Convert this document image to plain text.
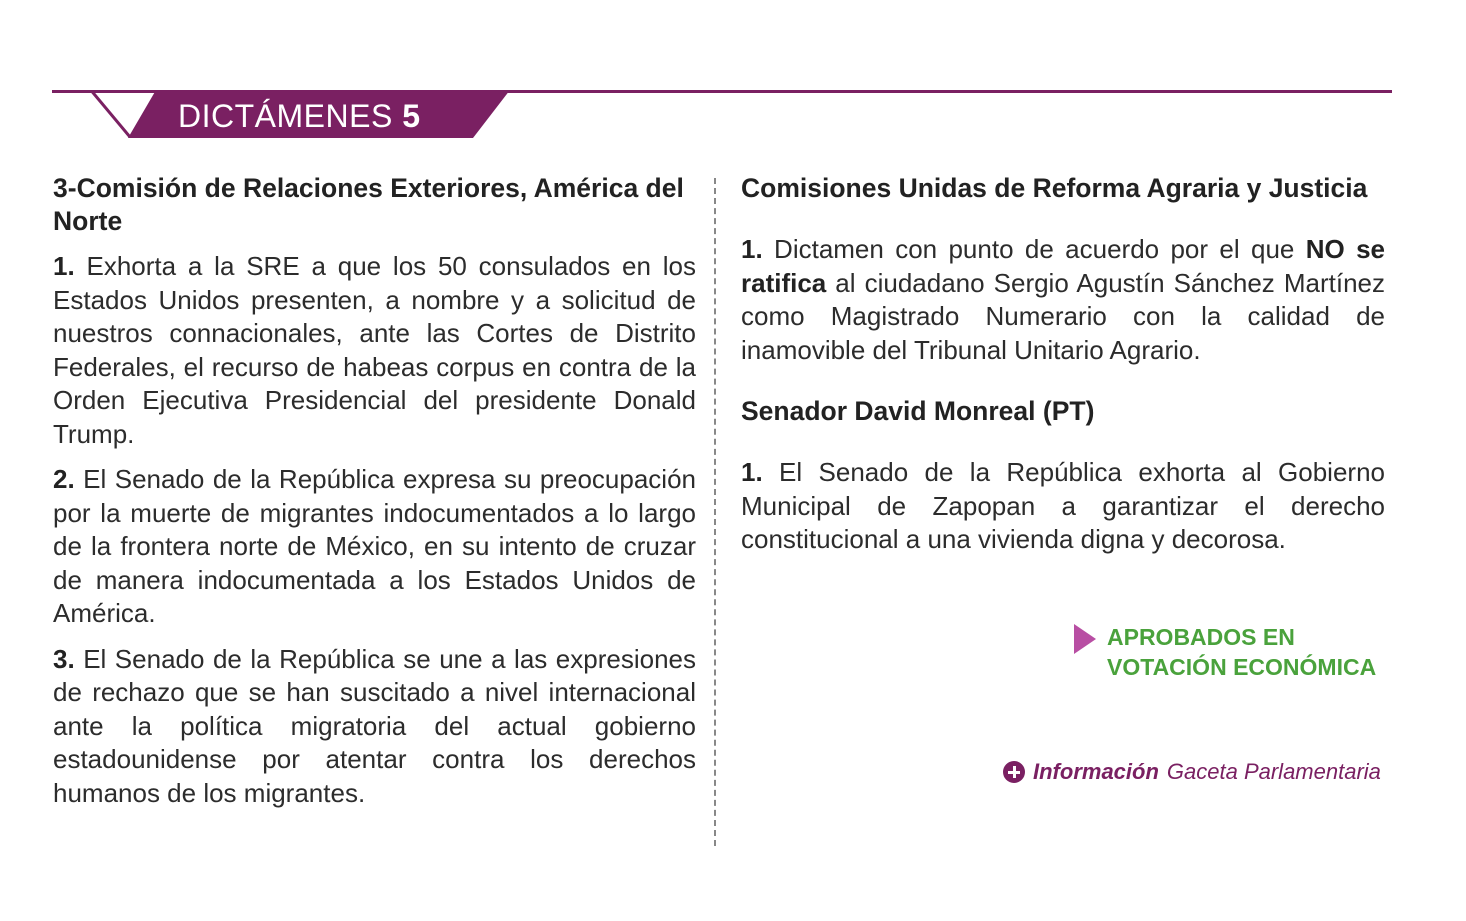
DICTÁMENES 5
3-Comisión de Relaciones Exteriores, América del Norte

1. Exhorta a la SRE a que los 50 consulados en los Estados Unidos presenten, a nombre y a solicitud de nuestros connacionales, ante las Cortes de Distrito Federales, el recurso de habeas corpus en contra de la Orden Ejecutiva Presidencial del presidente Donald Trump.

2. El Senado de la República expresa su preocupación por la muerte de migrantes indocumentados a lo largo de la frontera norte de México, en su intento de cruzar de manera indocumentada a los Estados Unidos de América.

3. El Senado de la República se une a las expresiones de rechazo que se han suscitado a nivel internacional ante la política migratoria del actual gobierno estadounidense por atentar contra los derechos humanos de los migrantes.

Comisiones Unidas de Reforma Agraria y Justicia

1. Dictamen con punto de acuerdo por el que NO se ratifica al ciudadano Sergio Agustín Sánchez Martínez como Magistrado Numerario con la calidad de inamovible del Tribunal Unitario Agrario.

Senador David Monreal (PT)

1. El Senado de la República exhorta al Gobierno Municipal de Zapopan a garantizar el derecho constitucional a una vivienda digna y decorosa.

APROBADOS EN
VOTACIÓN ECONÓMICA
Información Gaceta Parlamentaria
